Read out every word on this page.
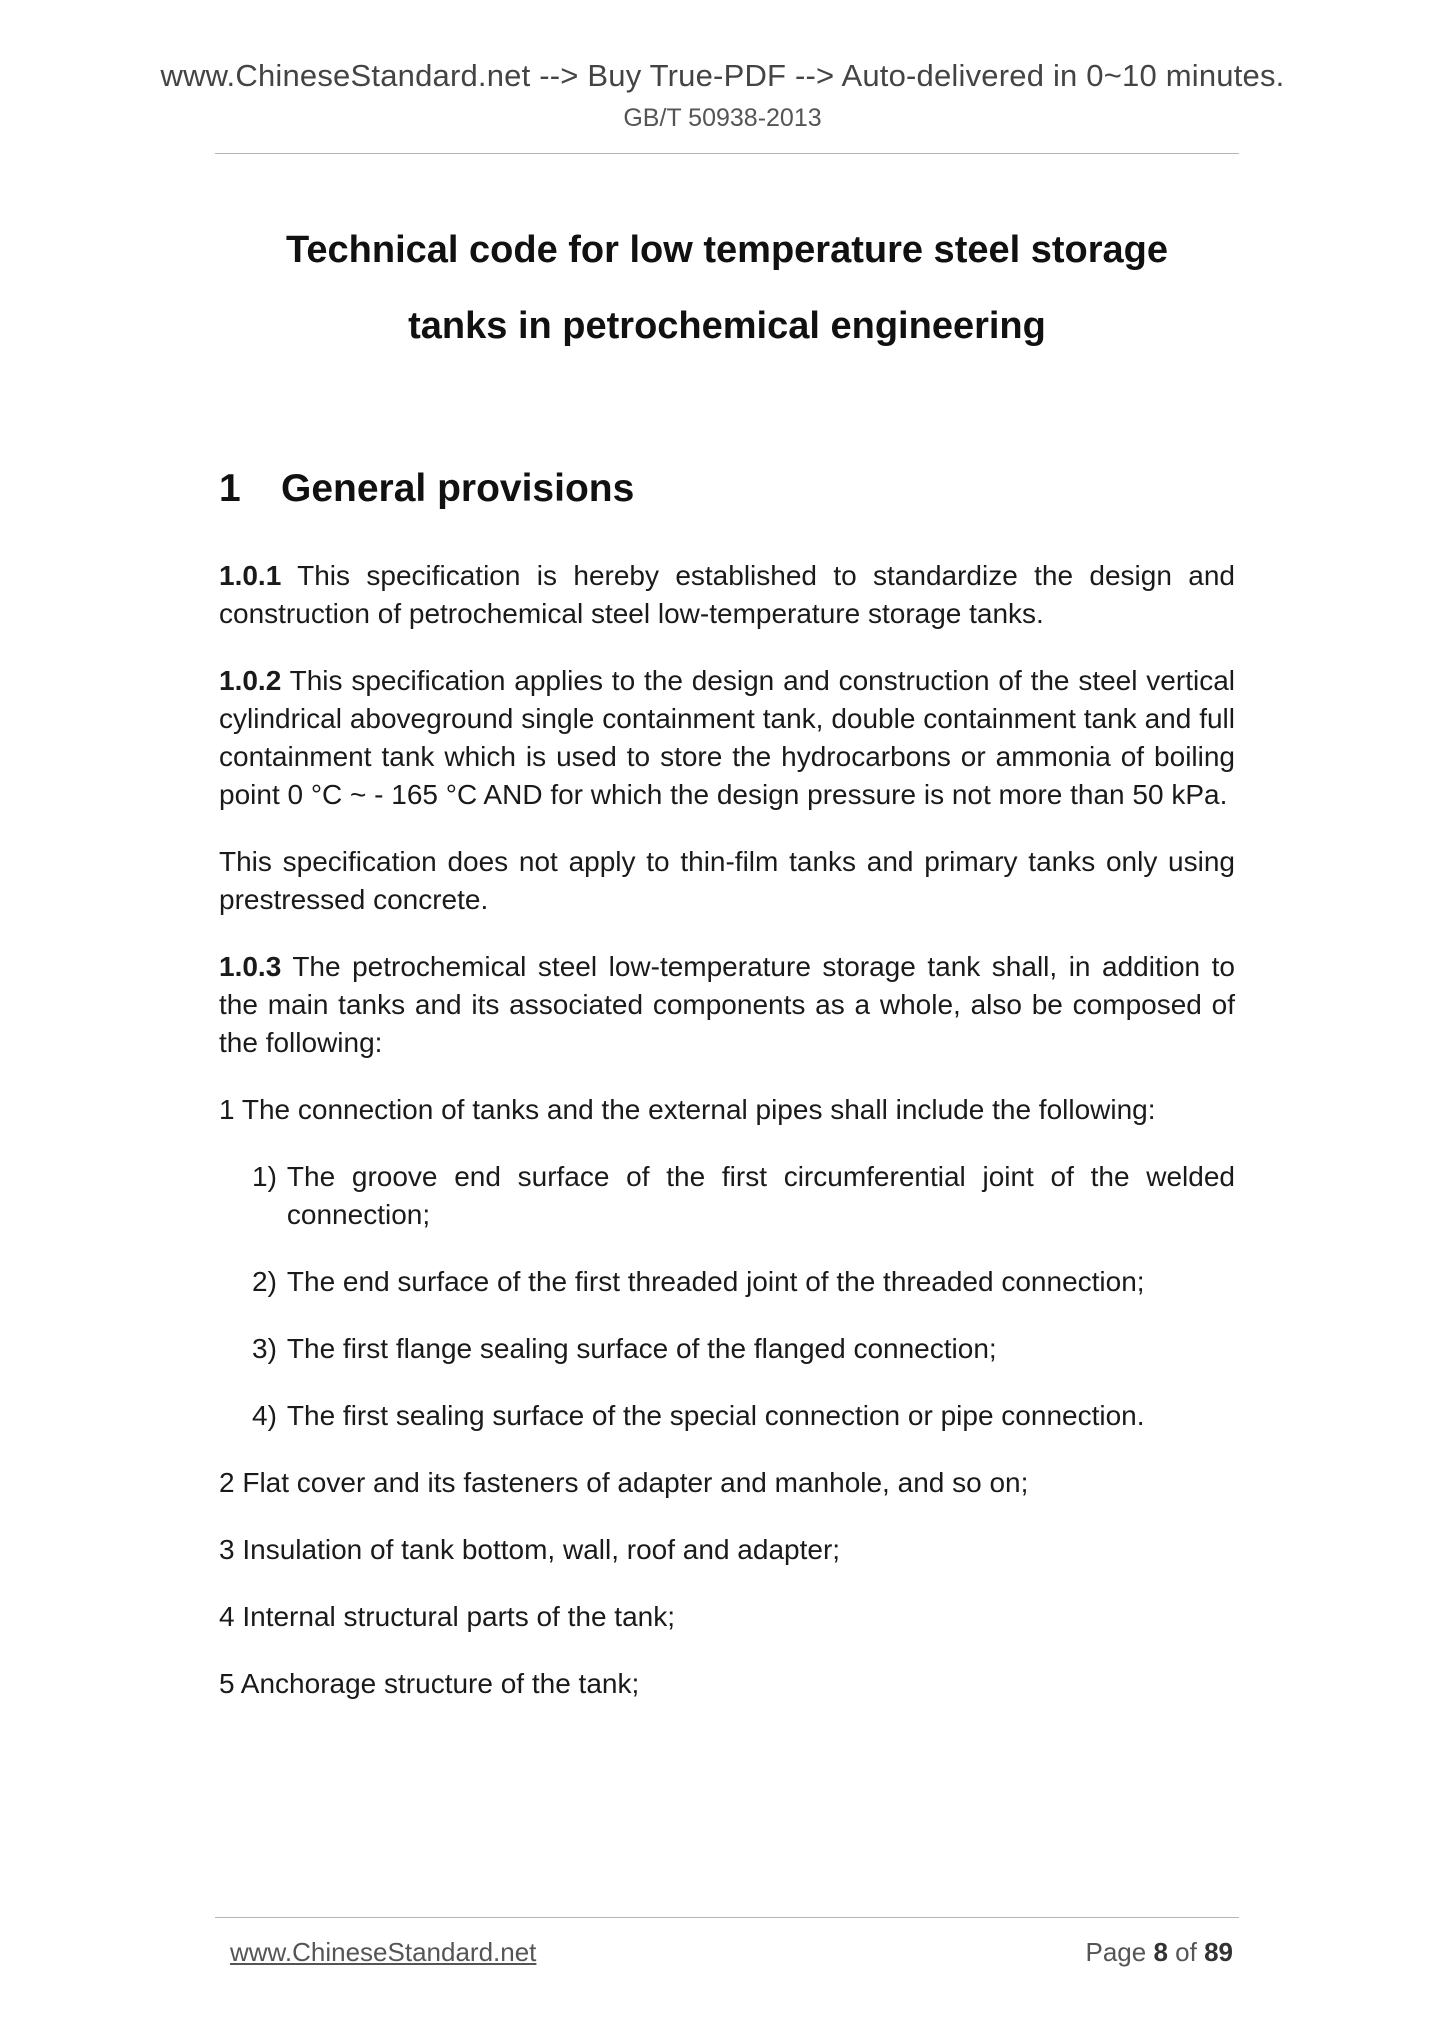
www.ChineseStandard.net --> Buy True-PDF --> Auto-delivered in 0~10 minutes.
GB/T 50938-2013
Technical code for low temperature steel storage
tanks in petrochemical engineering
1 General provisions

1.0.1 This specification is hereby established to standardize the design and construction of petrochemical steel low-temperature storage tanks.

1.0.2 This specification applies to the design and construction of the steel vertical cylindrical aboveground single containment tank, double containment tank and full containment tank which is used to store the hydrocarbons or ammonia of boiling point 0 °C ~ - 165 °C AND for which the design pressure is not more than 50 kPa.

This specification does not apply to thin-film tanks and primary tanks only using prestressed concrete.

1.0.3 The petrochemical steel low-temperature storage tank shall, in addition to the main tanks and its associated components as a whole, also be composed of the following:

1 The connection of tanks and the external pipes shall include the following:

1) The groove end surface of the first circumferential joint of the welded connection;
2) The end surface of the first threaded joint of the threaded connection;
3) The first flange sealing surface of the flanged connection;
4) The first sealing surface of the special connection or pipe connection.

2 Flat cover and its fasteners of adapter and manhole, and so on;

3 Insulation of tank bottom, wall, roof and adapter;

4 Internal structural parts of the tank;

5 Anchorage structure of the tank;

www.ChineseStandard.net	Page 8 of 89
